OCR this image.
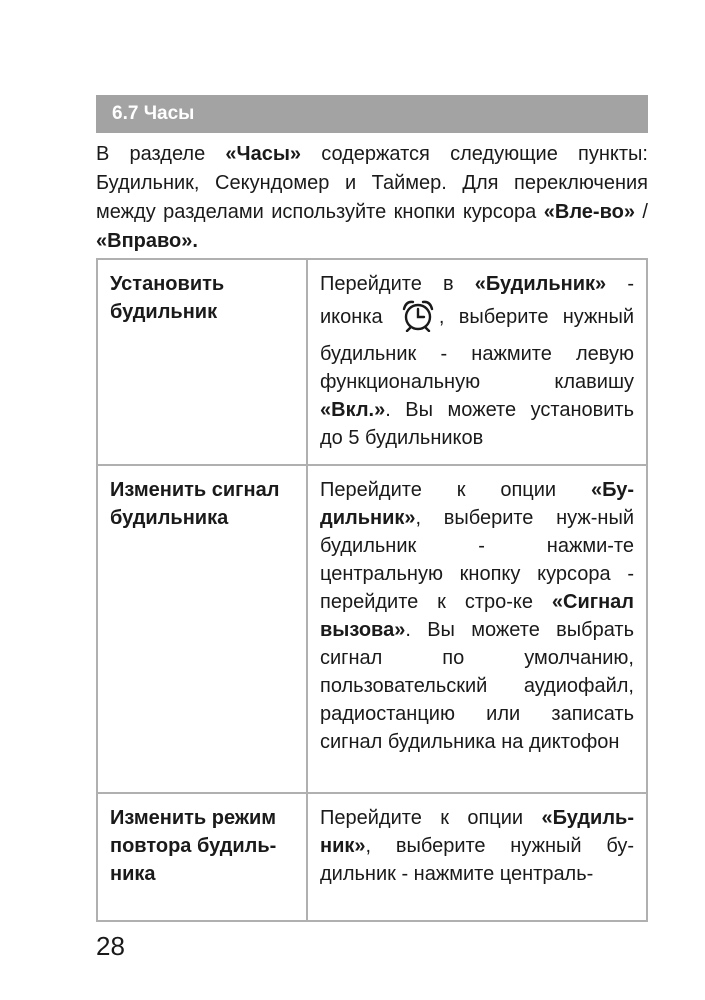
6.7 Часы

В разделе «Часы» содержатся следующие пункты: Будильник, Секундомер и Таймер. Для переключения между разделами используйте кнопки курсора «Вле-во» / «Вправо».

Установить будильник	Перейдите в «Будильник» - иконка , выберите нужный будильник - нажмите левую функциональную клавишу «Вкл.». Вы можете установить до 5 будильников
Изменить сигнал будильника	Перейдите к опции «Бу-дильник», выберите нуж-ный будильник - нажми-те центральную кнопку курсора - перейдите к стро-ке «Сигнал вызова». Вы можете выбрать сигнал по умолчанию, пользовательский аудиофайл, радиостанцию или записать сигнал будильника на диктофон
Изменить режим повтора будиль-ника	Перейдите к опции «Будиль-ник», выберите нужный бу-дильник - нажмите централь-
28
